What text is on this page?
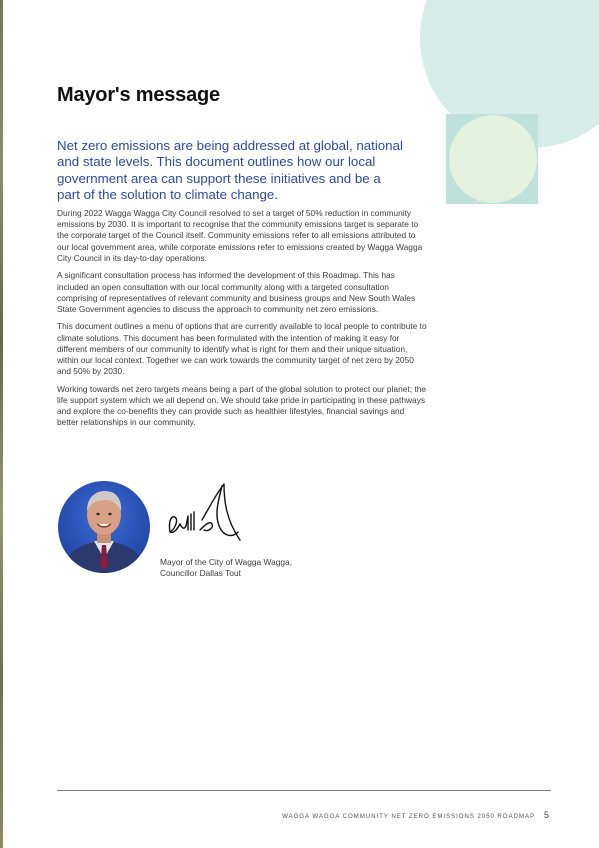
Mayor's message
Net zero emissions are being addressed at global, national and state levels. This document outlines how our local government area can support these initiatives and be a part of the solution to climate change.

During 2022 Wagga Wagga City Council resolved to set a target of 50% reduction in community emissions by 2030. It is important to recognise that the community emissions target is separate to the corporate target of the Council itself. Community emissions refer to all emissions attributed to our local government area, while corporate emissions refer to emissions created by Wagga Wagga City Council in its day-to-day operations.

A significant consultation process has informed the development of this Roadmap. This has included an open consultation with our local community along with a targeted consultation comprising of representatives of relevant community and business groups and New South Wales State Government agencies to discuss the approach to community net zero emissions.

This document outlines a menu of options that are currently available to local people to contribute to climate solutions. This document has been formulated with the intention of making it easy for different members of our community to identify what is right for them and their unique situation, within our local context. Together we can work towards the community target of net zero by 2050 and 50% by 2030.

Working towards net zero targets means being a part of the global solution to protect our planet; the life support system which we all depend on. We should take pride in participating in these pathways and explore the co-benefits they can provide such as healthier lifestyles, financial savings and better relationships in our community.

Mayor of the City of Wagga Wagga,
Councillor Dallas Tout
WAGGA WAGGA COMMUNITY NET ZERO EMISSIONS 2050 ROADMAP 5
